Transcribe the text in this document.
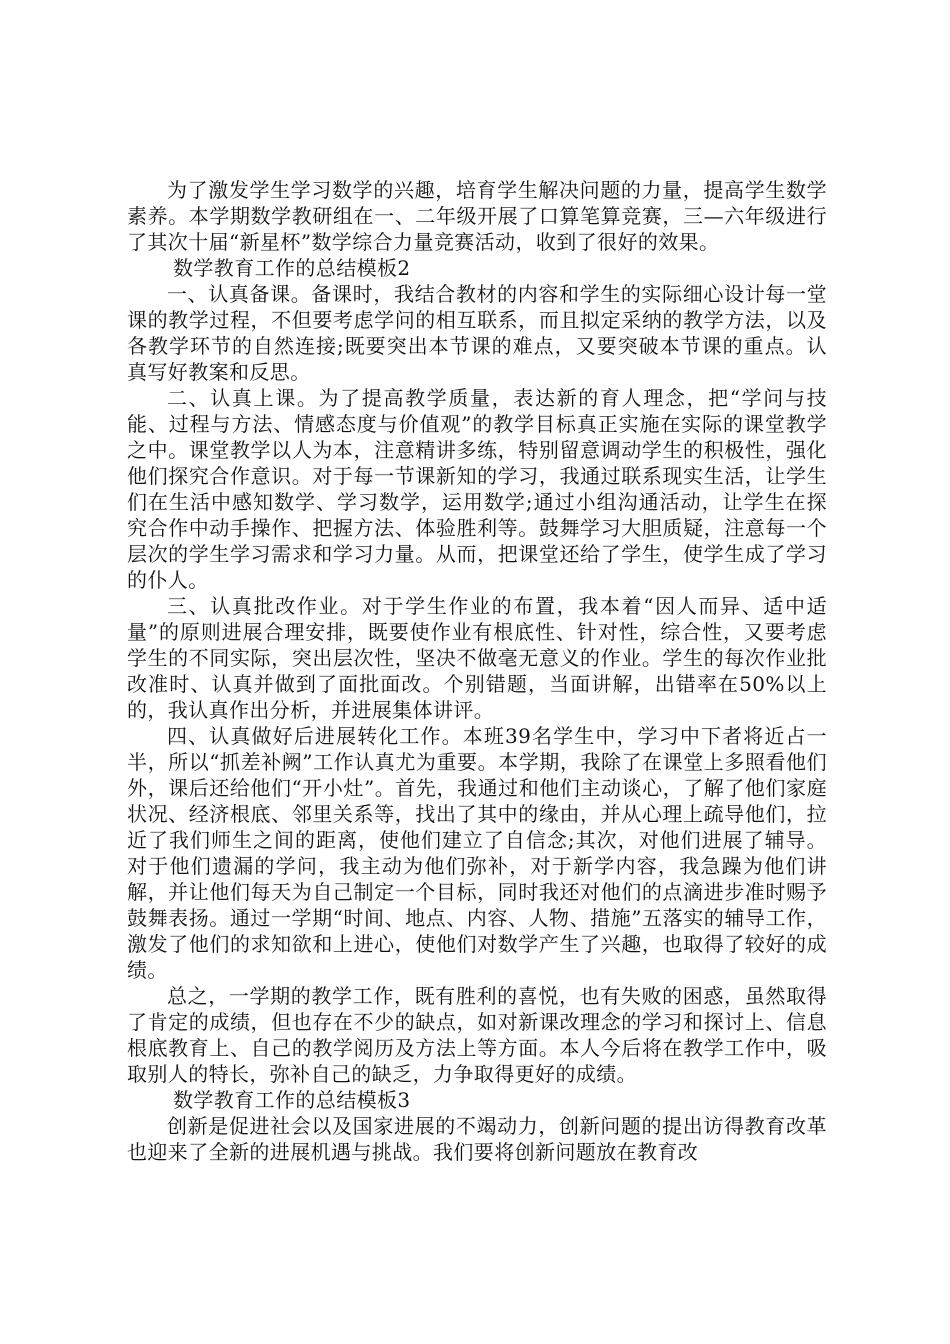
为了激发学生学习数学的兴趣，培育学生解决问题的力量，提高学生数学素养。本学期数学教研组在一、二年级开展了口算笔算竞赛，三—六年级进行了其次十届“新星杯”数学综合力量竞赛活动，收到了很好的效果。

数学教育工作的总结模板2

一、认真备课。备课时，我结合教材的内容和学生的实际细心设计每一堂课的教学过程，不但要考虑学问的相互联系，而且拟定采纳的教学方法，以及各教学环节的自然连接;既要突出本节课的难点，又要突破本节课的重点。认真写好教案和反思。

二、认真上课。为了提高教学质量，表达新的育人理念，把“学问与技能、过程与方法、情感态度与价值观”的教学目标真正实施在实际的课堂教学之中。课堂教学以人为本，注意精讲多练，特别留意调动学生的积极性，强化他们探究合作意识。对于每一节课新知的学习，我通过联系现实生活，让学生们在生活中感知数学、学习数学，运用数学;通过小组沟通活动，让学生在探究合作中动手操作、把握方法、体验胜利等。鼓舞学习大胆质疑，注意每一个层次的学生学习需求和学习力量。从而，把课堂还给了学生，使学生成了学习的仆人。

三、认真批改作业。对于学生作业的布置，我本着“因人而异、适中适量”的原则进展合理安排，既要使作业有根底性、针对性，综合性，又要考虑学生的不同实际，突出层次性，坚决不做毫无意义的作业。学生的每次作业批改准时、认真并做到了面批面改。个别错题，当面讲解，出错率在50%以上的，我认真作出分析，并进展集体讲评。

四、认真做好后进展转化工作。本班39名学生中，学习中下者将近占一半，所以“抓差补阙”工作认真尤为重要。本学期，我除了在课堂上多照看他们外，课后还给他们“开小灶”。首先，我通过和他们主动谈心，了解了他们家庭状况、经济根底、邻里关系等，找出了其中的缘由，并从心理上疏导他们，拉近了我们师生之间的距离，使他们建立了自信念;其次，对他们进展了辅导。对于他们遗漏的学问，我主动为他们弥补，对于新学内容，我急躁为他们讲解，并让他们每天为自己制定一个目标，同时我还对他们的点滴进步准时赐予鼓舞表扬。通过一学期“时间、地点、内容、人物、措施”五落实的辅导工作，激发了他们的求知欲和上进心，使他们对数学产生了兴趣，也取得了较好的成绩。

总之，一学期的教学工作，既有胜利的喜悦，也有失败的困惑，虽然取得了肯定的成绩，但也存在不少的缺点，如对新课改理念的学习和探讨上、信息根底教育上、自己的教学阅历及方法上等方面。本人今后将在教学工作中，吸取别人的特长，弥补自己的缺乏，力争取得更好的成绩。

数学教育工作的总结模板3

创新是促进社会以及国家进展的不竭动力，创新问题的提出访得教育改革也迎来了全新的进展机遇与挑战。我们要将创新问题放在教育改
